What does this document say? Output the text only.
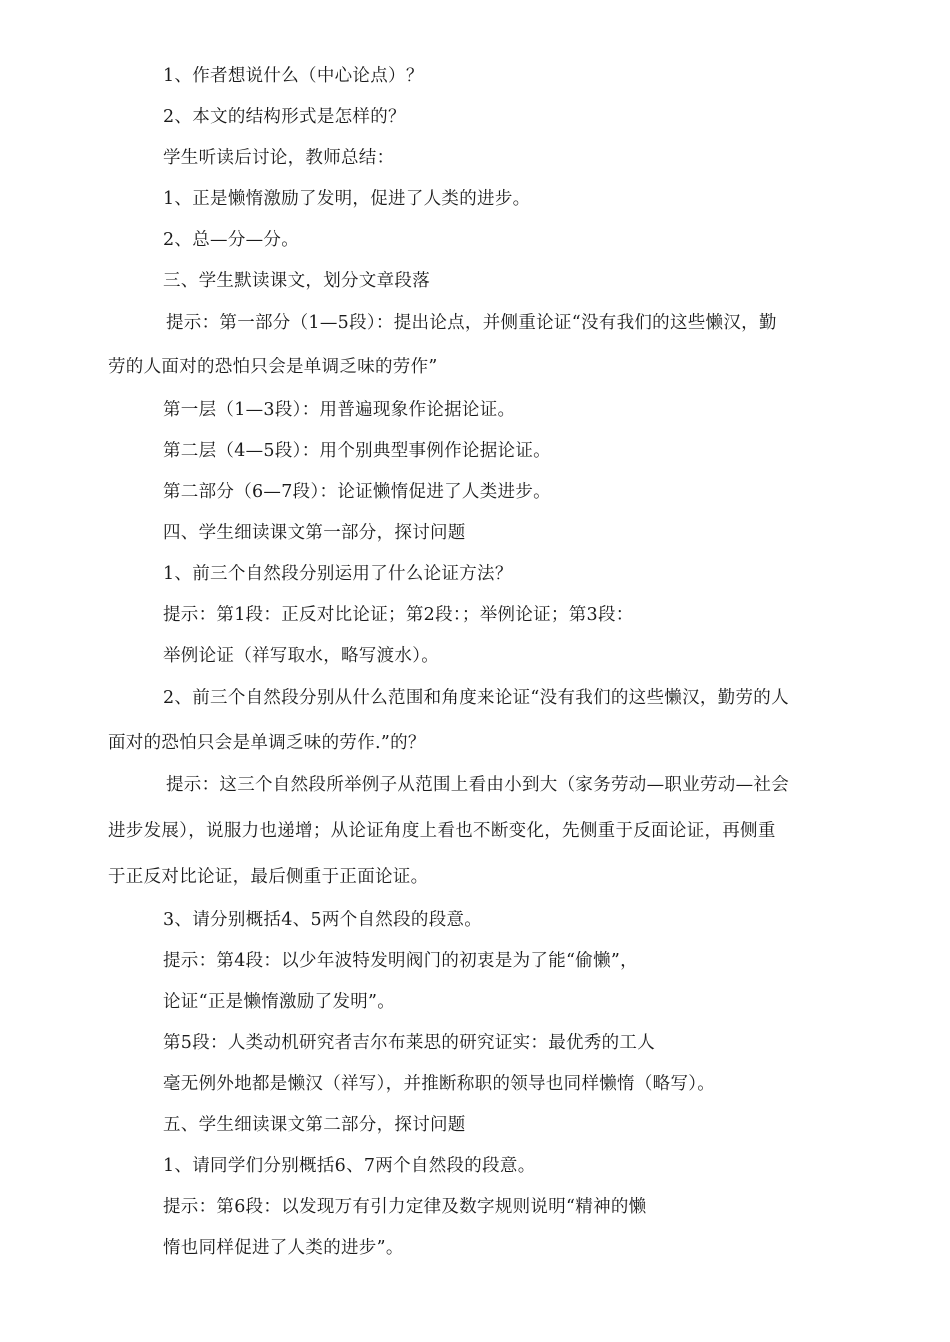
1、作者想说什么（中心论点）？
2、本文的结构形式是怎样的？
学生听读后讨论，教师总结：
1、正是懒惰激励了发明，促进了人类的进步。
2、总—分—分。
三、学生默读课文，划分文章段落
提示：第一部分（1—5段）：提出论点，并侧重论证“没有我们的这些懒汉，勤
劳的人面对的恐怕只会是单调乏味的劳作”
第一层（1—3段）：用普遍现象作论据论证。
第二层（4—5段）：用个别典型事例作论据论证。
第二部分（6—7段）：论证懒惰促进了人类进步。
四、学生细读课文第一部分，探讨问题
1、前三个自然段分别运用了什么论证方法？
提示：第1段：正反对比论证；第2段：；举例论证；第3段：
举例论证（祥写取水，略写渡水）。
2、前三个自然段分别从什么范围和角度来论证“没有我们的这些懒汉，勤劳的人
面对的恐怕只会是单调乏味的劳作.”的？
提示：这三个自然段所举例子从范围上看由小到大（家务劳动—职业劳动—社会
进步发展），说服力也递增；从论证角度上看也不断变化，先侧重于反面论证，再侧重
于正反对比论证，最后侧重于正面论证。
3、请分别概括4、5两个自然段的段意。
提示：第4段：以少年波特发明阀门的初衷是为了能“偷懒”，
论证“正是懒惰激励了发明”。
第5段：人类动机研究者吉尔布莱思的研究证实：最优秀的工人
毫无例外地都是懒汉（祥写），并推断称职的领导也同样懒惰（略写）。
五、学生细读课文第二部分，探讨问题
1、请同学们分别概括6、7两个自然段的段意。
提示：第6段：以发现万有引力定律及数字规则说明“精神的懒
惰也同样促进了人类的进步”。
